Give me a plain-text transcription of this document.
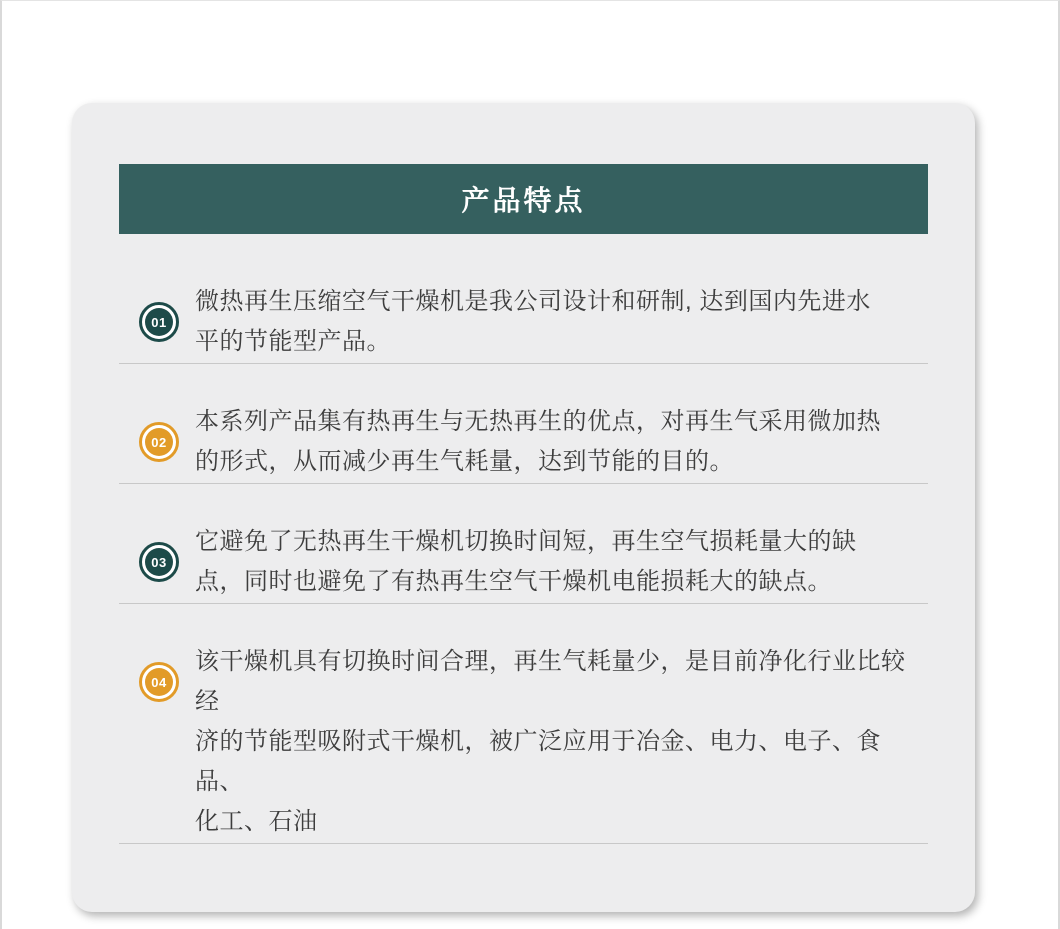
产品特点
01
微热再生压缩空气干燥机是我公司设计和研制, 达到国内先进水
平的节能型产品。
02
本系列产品集有热再生与无热再生的优点，对再生气采用微加热
的形式，从而减少再生气耗量，达到节能的目的。
03
它避免了无热再生干燥机切换时间短，再生空气损耗量大的缺
点，同时也避免了有热再生空气干燥机电能损耗大的缺点。
04
该干燥机具有切换时间合理，再生气耗量少，是目前净化行业比较经
济的节能型吸附式干燥机，被广泛应用于冶金、电力、电子、食品、
化工、石油
